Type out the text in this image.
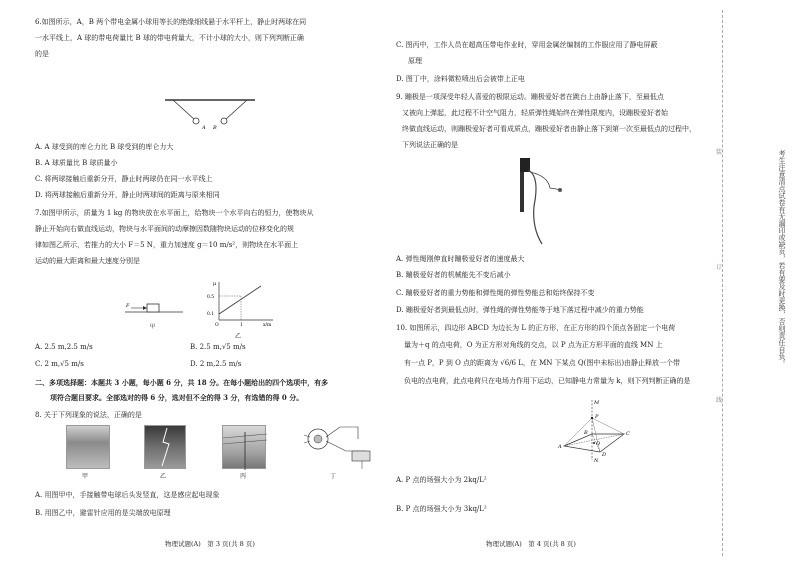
6.如图所示，A，B 两个带电金属小球用等长的绝缘细线悬于水平杆上，静止时两球在同
一水平线上，A 球的带电荷量比 B 球的带电荷量大，不计小球的大小，则下列判断正确
的是
A B
A. A 球受到的库仑力比 B 球受到的库仑力大
B. A 球质量比 B 球质量小
C. 将两球接触后重新分开，静止时两球仍在同一水平线上
D. 将两球接触后重新分开，静止时两球间的距离与原来相同
7.如图甲所示，质量为 1 kg 的物块放在水平面上，给物块一个水平向右的恒力，使物块从
静止开始向右做直线运动，物块与水平面间的动摩擦因数随物块运动的位移变化的规
律如图乙所示，若推力的大小 F＝5 N，重力加速度 g＝10 m/s²，则物块在水平面上
运动的最大距离和最大速度分别是
F
甲
μ
0.5
0.1
O	1	x/m
乙
A. 2.5 m,2.5 m/s	B. 2.5 m,√5 m/s
C. 2 m,√5 m/s	D. 2 m,2.5 m/s
二、多项选择题：本题共 3 小题，每小题 6 分，共 18 分。在每小题给出的四个选项中，有多
项符合题目要求。全部选对的得 6 分，选对但不全的得 3 分，有选错的得 0 分。
8. 关于下列现象的说法，正确的是
甲	乙	丙	丁
A. 用图甲中，手接触带电球后头发竖直，这是感应起电现象
B. 用图乙中，避雷针应用的是尖端放电原理
物理试题(A)　第 3 页(共 8 页)
C. 图丙中，工作人员在超高压带电作业时，穿用金属丝编制的工作服应用了静电屏蔽
原理
D. 图丁中，涂料微粒喷出后会被带上正电
9. 蹦极是一项深受年轻人喜爱的极限运动。蹦极爱好者在跳台上由静止落下，至最低点
又被向上弹起，此过程不计空气阻力，轻质弹性绳始终在弹性限度内，设蹦极爱好者始
终做直线运动，则蹦极爱好者可看成质点，蹦极爱好者由静止落下到第一次至最低点的过程中，
下列说法正确的是
A. 弹性绳刚伸直时蹦极爱好者的速度最大
B. 蹦极爱好者的机械能先不变后减小
C. 蹦极爱好者的重力势能和弹性绳的弹性势能总和始终保持不变
D. 蹦极爱好者到最低点时，弹性绳的弹性势能等于地下落过程中减少的重力势能
10. 如图所示，四边形 ABCD 为边长为 L 的正方形，在正方形的四个顶点各固定一个电荷
量为＋q 的点电荷，O 为正方形对角线的交点，以 P 点为正方形平面的直线 MN 上
有一点 P，P 到 O 点的距离为 √6/6 L，在 MN 下某点 Q(图中未标出)由静止释放一个带
负电的点电荷，此点电荷只在电场力作用下运动，已知静电力常量为 k，则下列判断正确的是
M
P
A
B	C
D
O
N
A. P 点的场强大小为 2kq/L²
B. P 点的场强大小为 3kq/L²
物理试题(A)　第 4 页(共 8 页)
装
订
线
考生注意清点试卷有无漏印或缺页，若有要及时更换，否则责任自负。
